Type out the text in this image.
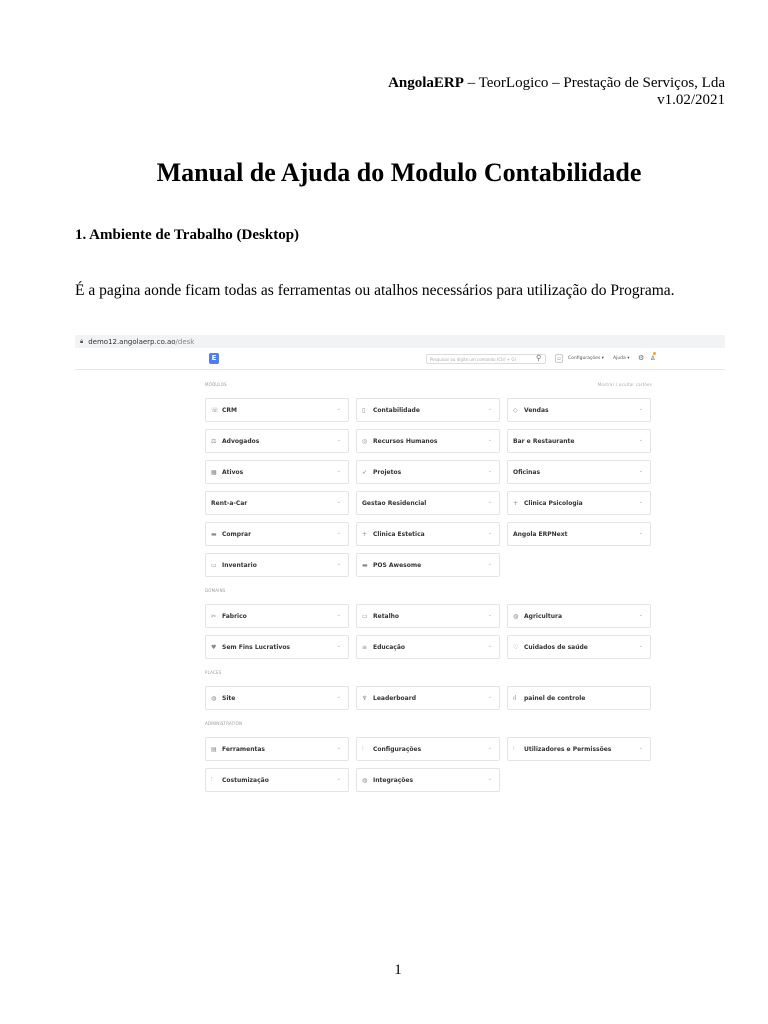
AngolaERP – TeorLogico – Prestação de Serviços, Lda
v1.02/2021
Manual de Ajuda do Modulo Contabilidade
1. Ambiente de Trabalho (Desktop)
É a pagina aonde ficam todas as ferramentas ou atalhos necessários para utilização do Programa.
🔒︎ demo12.angolaerp.co.ao /desk
E	Pesquisar ou digite um comando (Ctrl + G)	⚲	▫	Configurações ▾ Ajuda ▾ ⚙ ♙
MÓDULOS	Mostrar / ocultar cartões
☏ CRM	⌄	▯	Contabilidade	⌄	◇	Vendas	⌄
⚖ Advogados	⌄	◎ Recursos Humanos	⌄	Bar e Restaurante	⌄
▦ Ativos	⌄	➶ Projetos	⌄	Oficinas	⌄
Rent-a-Car	⌄	Gestao Residencial	⌄	+ Clinica Psicologia	⌄
▬ Comprar	⌄	+ Clinica Estetica	⌄	Angola ERPNext	⌄
▭ Inventario	⌄	▬ POS Awesome	⌄
DOMAINS
✂ Fabrico	⌄	▭ Retalho	⌄	◍ Agricultura	⌄
♥ Sem Fins Lucrativos	⌄	≡ Educação	⌄	♡ Cuidados de saúde	⌄
PLACES
◍ Site	⌄	♆ Leaderboard	⌄	ıl	painel de controle
ADMINISTRATION
▤ Ferramentas	⌄	⫶	Configurações	⌄	⫶	Utilizadores e Permissões	⌄
⫶	Costumização	⌄	◍ Integrações	⌄
1
